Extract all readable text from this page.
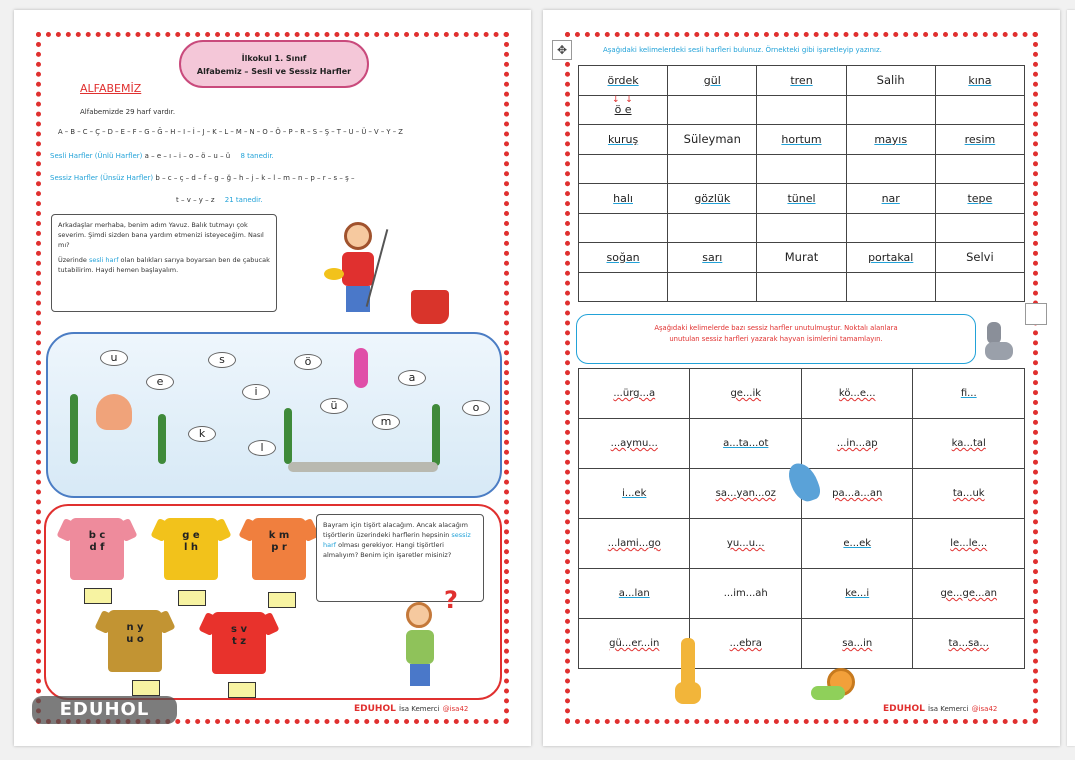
İlkokul 1. Sınıf
Alfabemiz – Sesli ve Sessiz Harfler
ALFABEMİZ
Alfabemizde 29 harf vardır.
A – B – C – Ç – D – E – F – G – Ğ – H – I – İ – J – K – L – M – N – O – Ö – P – R – S – Ş – T – U – Ü – V – Y – Z
Sesli Harfler (Ünlü Harfler) a – e – ı – i – o – ö – u – ü 8 tanedir.
Sessiz Harfler (Ünsüz Harfler) b – c – ç – d – f – g – ğ – h – j – k – l – m – n – p – r – s – ş –
t – v – y – z 21 tanedir.
Arkadaşlar merhaba, benim adım Yavuz. Balık tutmayı çok severim. Şimdi sizden bana yardım etmenizi isteyeceğim. Nasıl mı?
Üzerinde sesli harf olan balıkları sarıya boyarsan ben de çabucak tutabilirim. Haydi hemen başlayalım.
u	s
e
ö
a
i
ü	o
k
m
l
b c
d f
g e
l h
k m
p r
n y
u o
s v
t z
Bayram için tişört alacağım. Ancak alacağım tişörtlerin üzerindeki harflerin hepsinin sessiz harf olması gerekiyor. Hangi tişörtleri almalıyım? Benim için işaretler misiniz?
?
EDUHOL İsa Kemerci @isa42
EDUHOL
✥	Aşağıdaki kelimelerdeki sesli harfleri bulunuz. Örnekteki gibi işaretleyip yazınız.
ördek	gül	tren	Salih	kına
ö e				
kuruş	Süleyman	hortum	mayıs	resim

halı	gözlük	tünel	nar	tepe

soğan	sarı	Murat	portakal	Selvi

↓  ↓
Aşağıdaki kelimelerde bazı sessiz harfler unutulmuştur. Noktalı alanlara
unutulan sessiz harfleri yazarak hayvan isimlerini tamamlayın.
...ürg...a	ge...ik	kö...e...	fi...
...aymu...	a...ta...ot	...in...ap	ka...tal
i...ek	sa...yan...oz	pa...a...an	ta...uk
...lami...go	yu...u...	e...ek	le...le...
a...lan	...im...ah	ke...i	ge...ge...an
gü...er...in	...ebra	sa...in	ta...sa...
EDUHOL İsa Kemerci @isa42
